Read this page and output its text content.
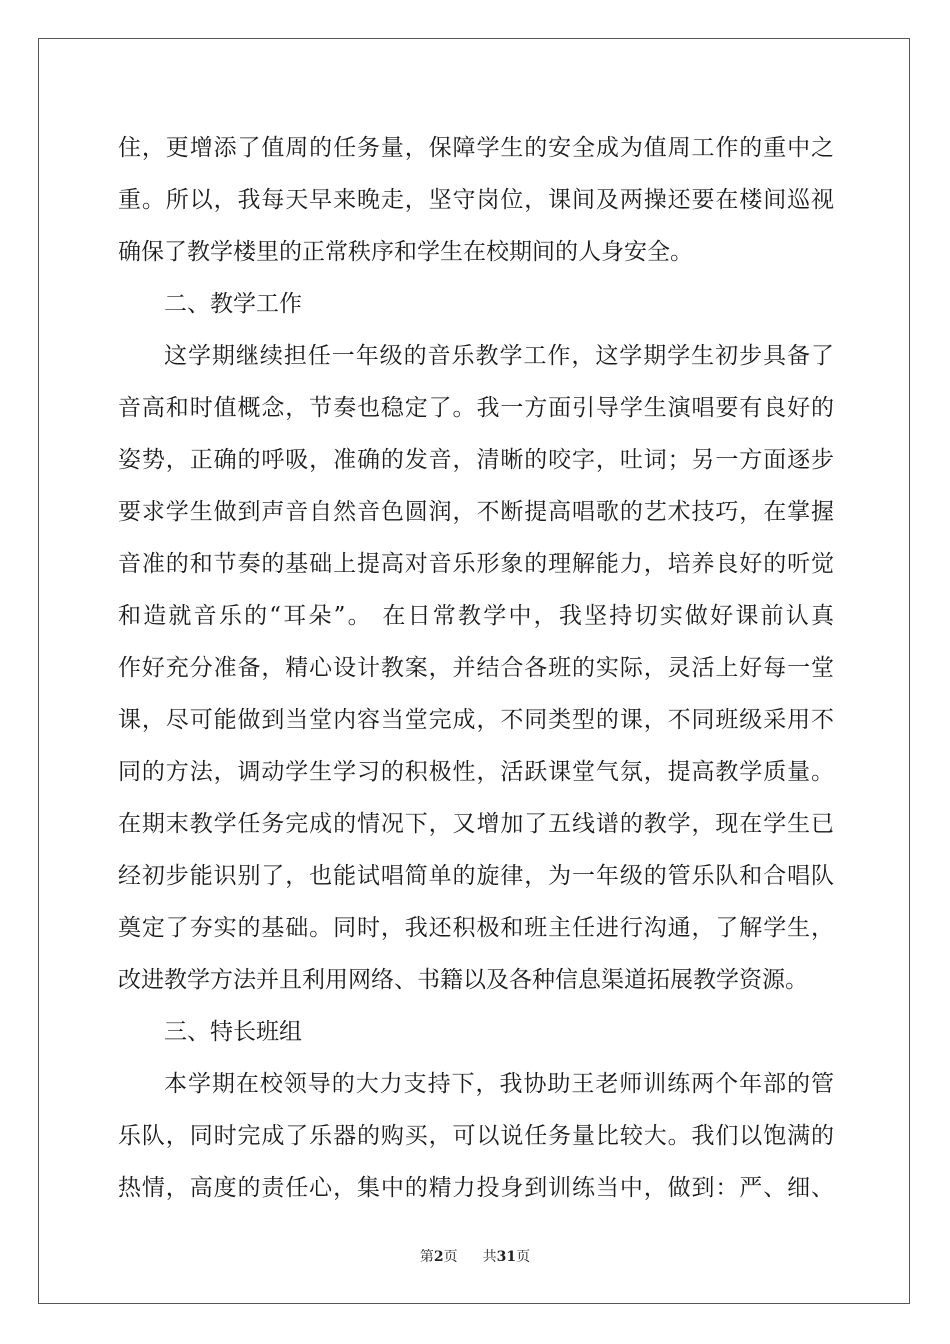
住，更增添了值周的任务量，保障学生的安全成为值周工作的重中之
重。所以，我每天早来晚走，坚守岗位，课间及两操还要在楼间巡视
确保了教学楼里的正常秩序和学生在校期间的人身安全。
二、教学工作
这学期继续担任一年级的音乐教学工作，这学期学生初步具备了
音高和时值概念，节奏也稳定了。我一方面引导学生演唱要有良好的
姿势，正确的呼吸，准确的发音，清晰的咬字，吐词；另一方面逐步
要求学生做到声音自然音色圆润，不断提高唱歌的艺术技巧，在掌握
音准的和节奏的基础上提高对音乐形象的理解能力，培养良好的听觉
和造就音乐的“耳朵”。 在日常教学中，我坚持切实做好课前认真
作好充分准备，精心设计教案，并结合各班的实际，灵活上好每一堂
课，尽可能做到当堂内容当堂完成，不同类型的课，不同班级采用不
同的方法，调动学生学习的积极性，活跃课堂气氛，提高教学质量。
在期末教学任务完成的情况下，又增加了五线谱的教学，现在学生已
经初步能识别了，也能试唱简单的旋律，为一年级的管乐队和合唱队
奠定了夯实的基础。同时，我还积极和班主任进行沟通，了解学生，
改进教学方法并且利用网络、书籍以及各种信息渠道拓展教学资源。
三、特长班组
本学期在校领导的大力支持下，我协助王老师训练两个年部的管
乐队，同时完成了乐器的购买，可以说任务量比较大。我们以饱满的
热情，高度的责任心，集中的精力投身到训练当中，做到：严、细、
第2页 共31页
